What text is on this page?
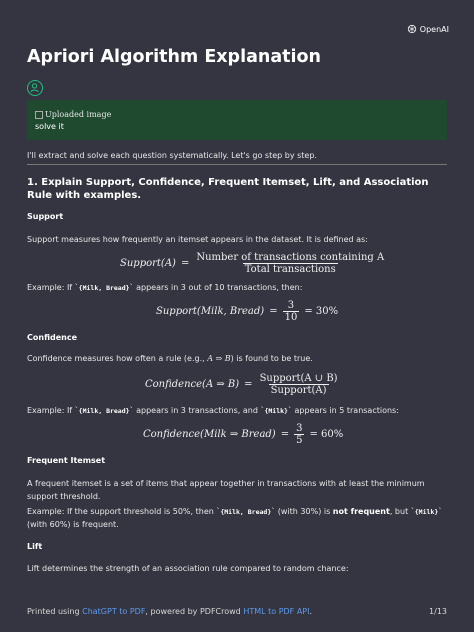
OpenAI
Apriori Algorithm Explanation
Uploaded image
solve it
I'll extract and solve each question systematically. Let's go step by step.
1. Explain Support, Confidence, Frequent Itemset, Lift, and Association Rule with examples.
Support
Support measures how frequently an itemset appears in the dataset. It is defined as:
Support(A) = $\frac{\text{Number of transactions containing A}}{\text{Total transactions}}$
Example: If `{Milk, Bread}` appears in 3 out of 10 transactions, then:
Support(Milk, Bread) = $\frac{3}{10} = 30\%$
Confidence
Confidence measures how often a rule (e.g., A ⇒ B) is found to be true.
Confidence(A ⇒ $B) = \frac{\text{Support(A ∪ B)}}{\text{Support(A)}}$
Example: If `{Milk, Bread}` appears in 3 transactions, and `{Milk}` appears in 5 transactions:
Confidence(Milk ⇒ Bread) = $\frac{3}{5} = 60\%$
Frequent Itemset
A frequent itemset is a set of items that appear together in transactions with at least the minimum
support threshold.
Example: If the support threshold is 50%, then `{Milk, Bread}` (with 30%) is not frequent, but `{Milk}`
(with 60%) is frequent.
Lift
Lift determines the strength of an association rule compared to random chance:
Printed using ChatGPT to PDF, powered by PDFCrowd HTML to PDF API.	1/13
